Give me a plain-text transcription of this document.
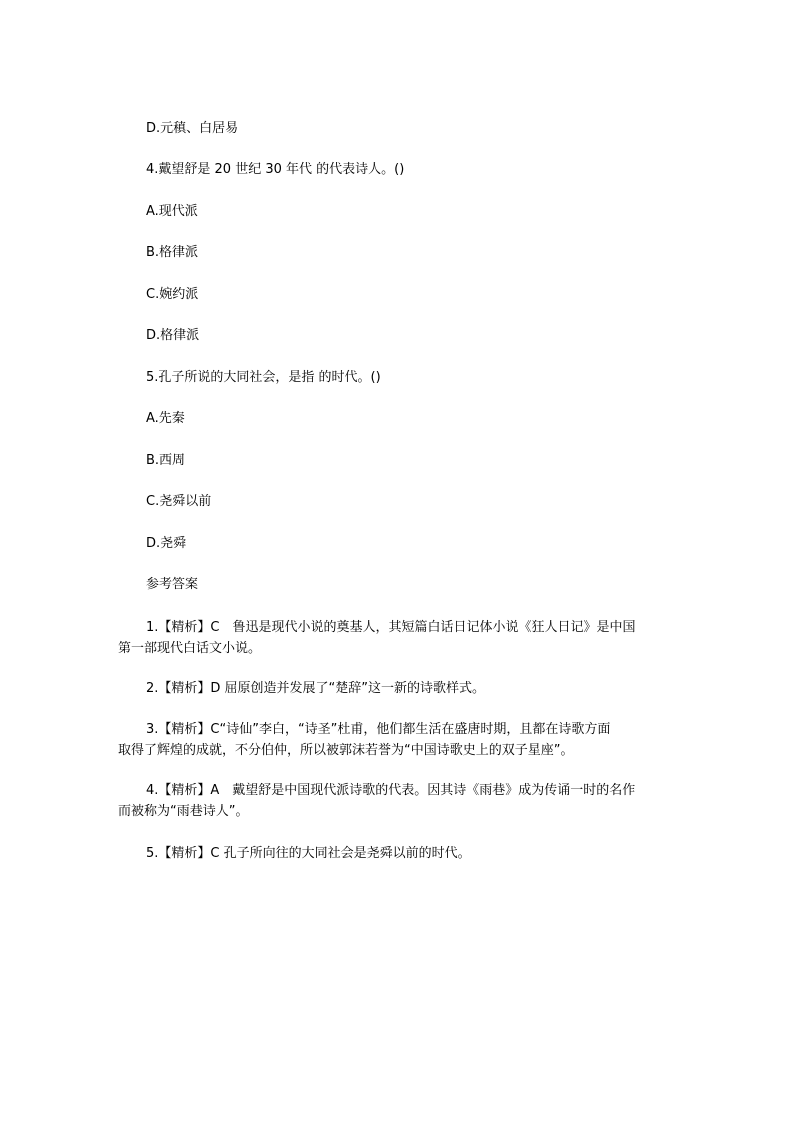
D.元稹、白居易
4.戴望舒是 20 世纪 30 年代 的代表诗人。()
A.现代派
B.格律派
C.婉约派
D.格律派
5.孔子所说的大同社会，是指 的时代。()
A.先秦
B.西周
C.尧舜以前
D.尧舜
参考答案
1.【精析】C　鲁迅是现代小说的奠基人，其短篇白话日记体小说《狂人日记》是中国
第一部现代白话文小说。
2.【精析】D 屈原创造并发展了“楚辞”这一新的诗歌样式。
3.【精析】C“诗仙”李白，“诗圣”杜甫，他们都生活在盛唐时期，且都在诗歌方面
取得了辉煌的成就，不分伯仲，所以被郭沫若誉为“中国诗歌史上的双子星座”。
4.【精析】A　戴望舒是中国现代派诗歌的代表。因其诗《雨巷》成为传诵一时的名作
而被称为“雨巷诗人”。
5.【精析】C 孔子所向往的大同社会是尧舜以前的时代。
